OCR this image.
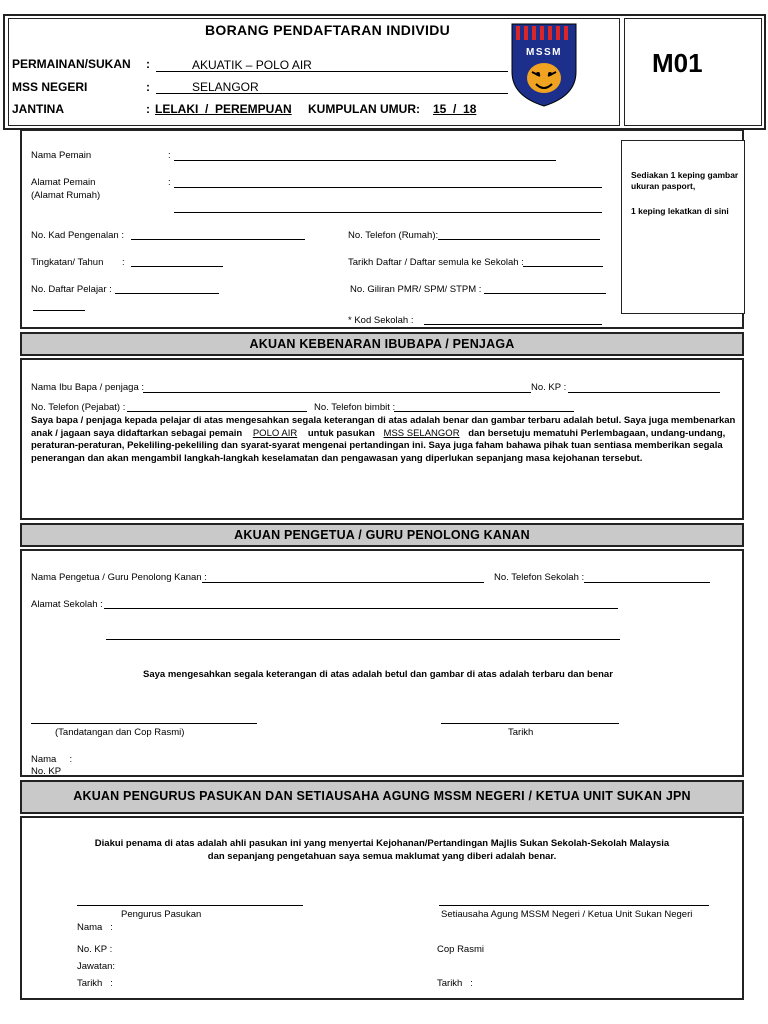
BORANG PENDAFTARAN INDIVIDU
M01
MSSM
PERMAINAN/SUKAN :	AKUATIK – POLO AIR
MSS NEGERI	:	SELANGOR
JANTINA	: LELAKI  /  PEREMPUAN KUMPULAN UMUR: 15  /  18
Sediakan 1 keping gambar ukuran pasport,
1 keping lekatkan di sini
Nama Pemain	:
Alamat Pemain
(Alamat Rumah)
:
No. Kad Pengenalan :	No. Telefon (Rumah):
Tingkatan/ Tahun :	Tarikh Daftar / Daftar semula ke Sekolah :
No. Daftar Pelajar :	No. Giliran PMR/ SPM/ STPM :
* Kod Sekolah :
AKUAN KEBENARAN IBUBAPA / PENJAGA
Nama Ibu Bapa / penjaga :	No. KP :
No. Telefon (Pejabat) :	No. Telefon bimbit :
Saya bapa / penjaga kepada pelajar di atas mengesahkan segala keterangan di atas adalah benar dan gambar terbaru adalah betul. Saya juga membenarkan anak / jagaan saya didaftarkan sebagai pemain POLO AIR untuk pasukan MSS SELANGOR dan bersetuju mematuhi Perlembagaan, undang-undang, peraturan-peraturan, Pekeliling-pekeliling dan syarat-syarat mengenai pertandingan ini. Saya juga faham bahawa pihak tuan sentiasa memberikan segala penerangan dan akan mengambil langkah-langkah keselamatan dan pengawasan yang diperlukan sepanjang masa kejohanan tersebut.
AKUAN PENGETUA / GURU PENOLONG KANAN
Nama Pengetua / Guru Penolong Kanan :	No. Telefon Sekolah :
Alamat Sekolah :
Saya mengesahkan segala keterangan di atas adalah betul dan gambar di atas adalah terbaru dan benar
(Tandatangan dan Cop Rasmi)	Tarikh
Nama     :
No. KP
AKUAN PENGURUS PASUKAN DAN SETIAUSAHA AGUNG MSSM NEGERI / KETUA UNIT SUKAN JPN
Diakui penama di atas adalah ahli pasukan ini yang menyertai Kejohanan/Pertandingan Majlis Sukan Sekolah-Sekolah Malaysia
dan sepanjang pengetahuan saya semua maklumat yang diberi adalah benar.
Pengurus Pasukan	Setiausaha Agung MSSM Negeri / Ketua Unit Sukan Negeri
Nama   :
No. KP :	Cop Rasmi
Jawatan:
Tarikh   :	Tarikh   :
